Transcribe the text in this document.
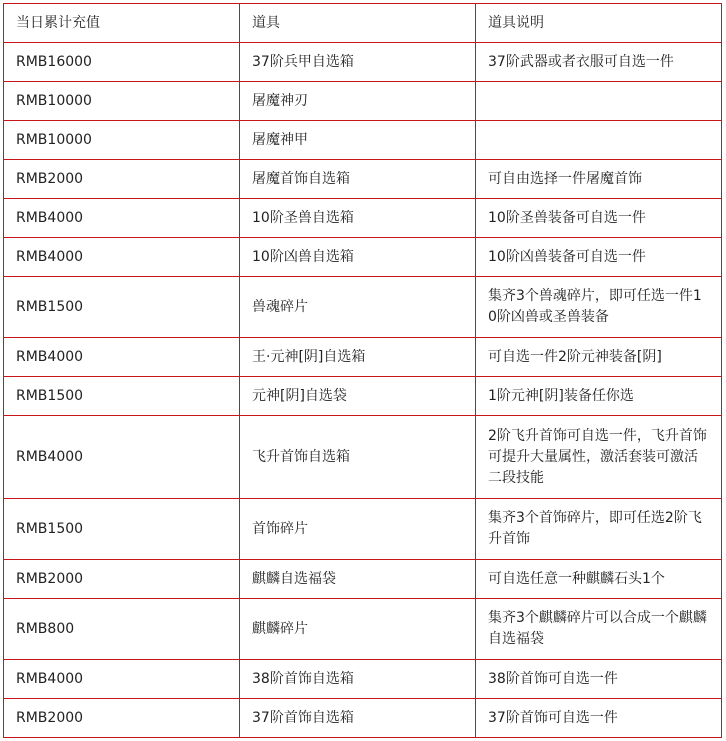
当日累计充值	道具	道具说明
RMB16000	37阶兵甲自选箱	37阶武器或者衣服可自选一件
RMB10000	屠魔神刃	
RMB10000	屠魔神甲	
RMB2000	屠魔首饰自选箱	可自由选择一件屠魔首饰
RMB4000	10阶圣兽自选箱	10阶圣兽装备可自选一件
RMB4000	10阶凶兽自选箱	10阶凶兽装备可自选一件
RMB1500	兽魂碎片	集齐3个兽魂碎片，即可任选一件10阶凶兽或圣兽装备
RMB4000	王·元神[阴]自选箱	可自选一件2阶元神装备[阴]
RMB1500	元神[阴]自选袋	1阶元神[阴]装备任你选
RMB4000	飞升首饰自选箱	2阶飞升首饰可自选一件，飞升首饰可提升大量属性，激活套装可激活二段技能
RMB1500	首饰碎片	集齐3个首饰碎片，即可任选2阶飞升首饰
RMB2000	麒麟自选福袋	可自选任意一种麒麟石头1个
RMB800	麒麟碎片	集齐3个麒麟碎片可以合成一个麒麟自选福袋
RMB4000	38阶首饰自选箱	38阶首饰可自选一件
RMB2000	37阶首饰自选箱	37阶首饰可自选一件
